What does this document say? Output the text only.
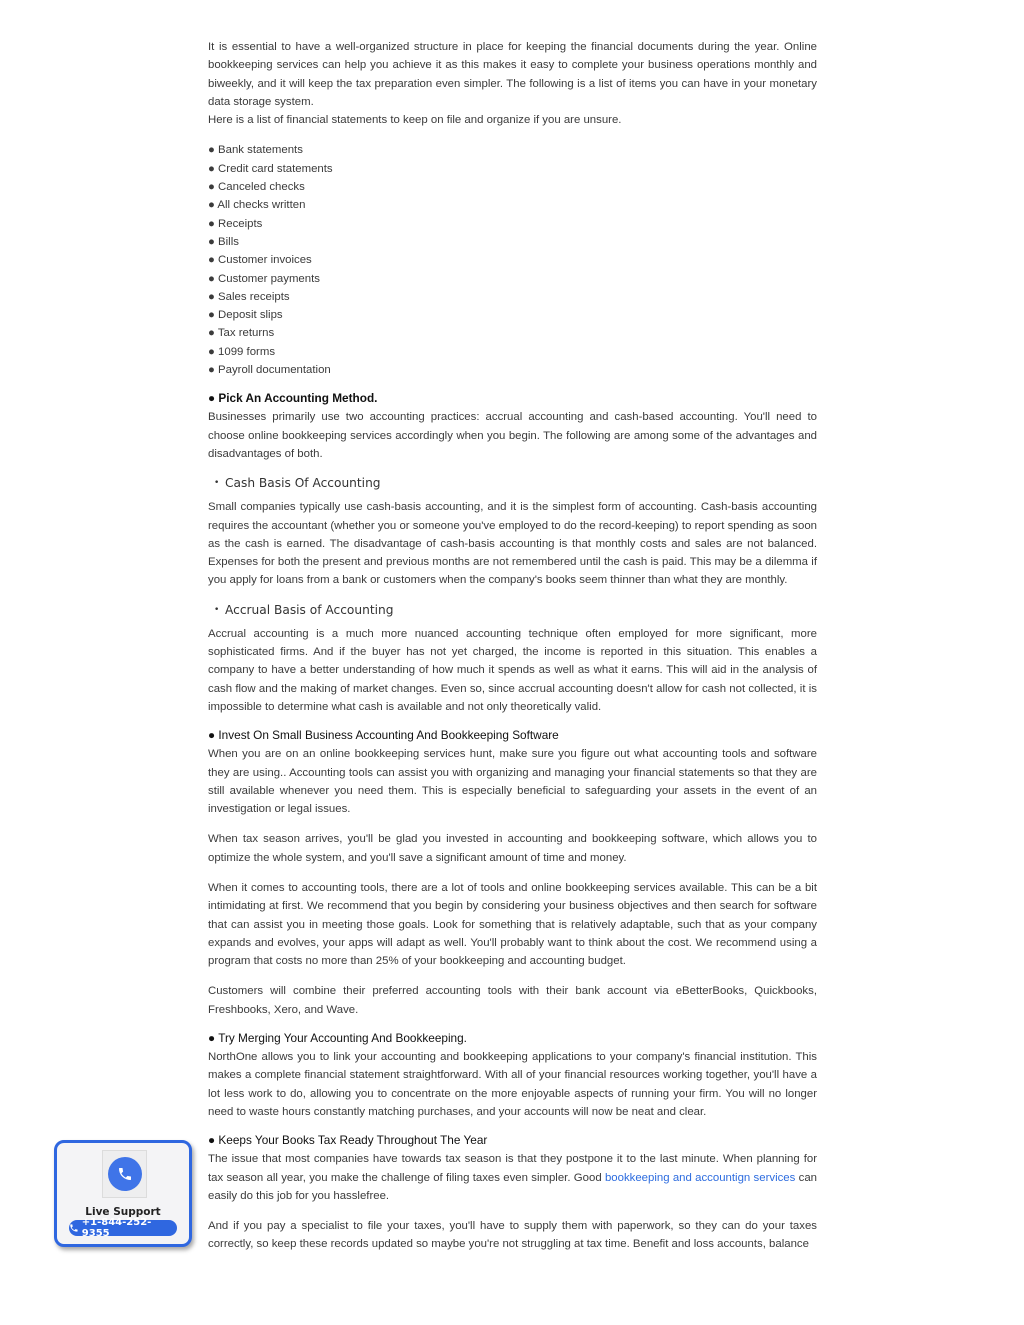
It is essential to have a well-organized structure in place for keeping the financial documents during the year. Online bookkeeping services can help you achieve it as this makes it easy to complete your business operations monthly and biweekly, and it will keep the tax preparation even simpler. The following is a list of items you can have in your monetary data storage system.

Here is a list of financial statements to keep on file and organize if you are unsure.

● Bank statements
● Credit card statements
● Canceled checks
● All checks written
● Receipts
● Bills
● Customer invoices
● Customer payments
● Sales receipts
● Deposit slips
● Tax returns
● 1099 forms
● Payroll documentation
● Pick An Accounting Method.

Businesses primarily use two accounting practices: accrual accounting and cash-based accounting. You'll need to choose online bookkeeping services accordingly when you begin. The following are among some of the advantages and disadvantages of both.

• Cash Basis Of Accounting

Small companies typically use cash-basis accounting, and it is the simplest form of accounting. Cash-basis accounting requires the accountant (whether you or someone you've employed to do the record-keeping) to report spending as soon as the cash is earned. The disadvantage of cash-basis accounting is that monthly costs and sales are not balanced. Expenses for both the present and previous months are not remembered until the cash is paid. This may be a dilemma if you apply for loans from a bank or customers when the company's books seem thinner than what they are monthly.

• Accrual Basis of Accounting

Accrual accounting is a much more nuanced accounting technique often employed for more significant, more sophisticated firms. And if the buyer has not yet charged, the income is reported in this situation. This enables a company to have a better understanding of how much it spends as well as what it earns. This will aid in the analysis of cash flow and the making of market changes. Even so, since accrual accounting doesn't allow for cash not collected, it is impossible to determine what cash is available and not only theoretically valid.

● Invest On Small Business Accounting And Bookkeeping Software

When you are on an online bookkeeping services hunt, make sure you figure out what accounting tools and software they are using.. Accounting tools can assist you with organizing and managing your financial statements so that they are still available whenever you need them. This is especially beneficial to safeguarding your assets in the event of an investigation or legal issues.

When tax season arrives, you'll be glad you invested in accounting and bookkeeping software, which allows you to optimize the whole system, and you'll save a significant amount of time and money.

When it comes to accounting tools, there are a lot of tools and online bookkeeping services available. This can be a bit intimidating at first. We recommend that you begin by considering your business objectives and then search for software that can assist you in meeting those goals. Look for something that is relatively adaptable, such that as your company expands and evolves, your apps will adapt as well. You'll probably want to think about the cost. We recommend using a program that costs no more than 25% of your bookkeeping and accounting budget.

Customers will combine their preferred accounting tools with their bank account via eBetterBooks, Quickbooks, Freshbooks, Xero, and Wave.

● Try Merging Your Accounting And Bookkeeping.

NorthOne allows you to link your accounting and bookkeeping applications to your company's financial institution. This makes a complete financial statement straightforward. With all of your financial resources working together, you'll have a lot less work to do, allowing you to concentrate on the more enjoyable aspects of running your firm. You will no longer need to waste hours constantly matching purchases, and your accounts will now be neat and clear.

● Keeps Your Books Tax Ready Throughout The Year

The issue that most companies have towards tax season is that they postpone it to the last minute. When planning for tax season all year, you make the challenge of filing taxes even simpler. Good bookkeeping and accountign services can easily do this job for you hasslefree.

And if you pay a specialist to file your taxes, you'll have to supply them with paperwork, so they can do your taxes correctly, so keep these records updated so maybe you're not struggling at tax time. Benefit and loss accounts, balance

Live Support
+1-844-252-9355
